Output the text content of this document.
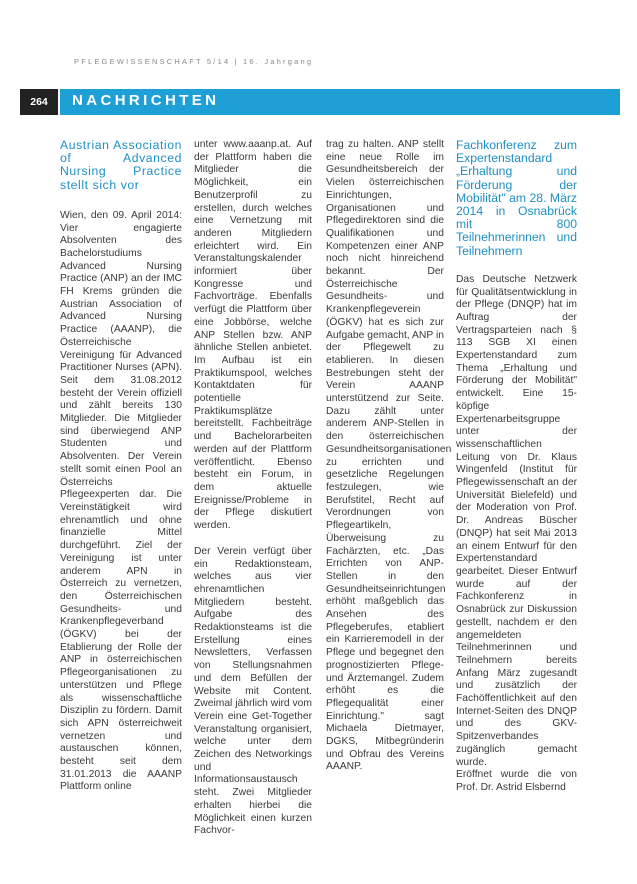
PFLEGEWISSENSCHAFT 5/14 | 16. Jahrgang
264	NACHRICHTEN

Austrian Association of Advanced Nursing Practice stellt sich vor

Wien, den 09. April 2014: Vier engagierte Absolventen des Bachelorstudiums Advanced Nursing Practice (ANP) an der IMC FH Krems gründen die Austrian Association of Advanced Nursing Practice (AAANP), die Österreichische Vereinigung für Advanced Practitioner Nurses (APN). Seit dem 31.08.2012 besteht der Verein offiziell und zählt bereits 130 Mitglieder. Die Mitglieder sind überwiegend ANP Studenten und Absolventen. Der Verein stellt somit einen Pool an Österreichs Pflegeexperten dar. Die Vereinstätigkeit wird ehrenamtlich und ohne finanzielle Mittel durchgeführt. Ziel der Vereinigung ist unter anderem APN in Österreich zu vernetzen, den Österreichischen Gesundheits- und Krankenpflegeverband (ÖGKV) bei der Etablierung der Rolle der ANP in österreichischen Pflegeorganisationen zu unterstützen und Pflege als wissenschaftliche Disziplin zu fördern. Damit sich APN österreichweit vernetzen und austauschen können, besteht seit dem 31.01.2013 die AAANP Plattform online

unter www.aaanp.at. Auf der Plattform haben die Mitglieder die Möglichkeit, ein Benutzerprofil zu erstellen, durch welches eine Vernetzung mit anderen Mitgliedern erleichtert wird. Ein Veranstaltungskalender informiert über Kongresse und Fachvorträge. Ebenfalls verfügt die Plattform über eine Jobbörse, welche ANP Stellen bzw. ANP ähnliche Stellen anbietet. Im Aufbau ist ein Praktikumspool, welches Kontaktdaten für potentielle Praktikumsplätze bereitstellt. Fachbeiträge und Bachelorarbeiten werden auf der Plattform veröffentlicht. Ebenso besteht ein Forum, in dem aktuelle Ereignisse/Probleme in der Pflege diskutiert werden.

Der Verein verfügt über ein Redaktionsteam, welches aus vier ehrenamtlichen Mitgliedern besteht. Aufgabe des Redaktionsteams ist die Erstellung eines Newsletters, Verfassen von Stellungsnahmen und dem Befüllen der Website mit Content. Zweimal jährlich wird vom Verein eine Get-Together Veranstaltung organisiert, welche unter dem Zeichen des Networkings und Informationsaustausch steht. Zwei Mitglieder erhalten hierbei die Möglichkeit einen kurzen Fachvor-

trag zu halten. ANP stellt eine neue Rolle im Gesundheitsbereich der Vielen österreichischen Einrichtungen, Organisationen und Pflegedirektoren sind die Qualifikationen und Kompetenzen einer ANP noch nicht hinreichend bekannt. Der Österreichische Gesundheits- und Krankenpflegeverein (ÖGKV) hat es sich zur Aufgabe gemacht, ANP in der Pflegewelt zu etablieren. In diesen Bestrebungen steht der Verein AAANP unterstützend zur Seite. Dazu zählt unter anderem ANP-Stellen in den österreichischen Gesundheitsorganisationen zu errichten und gesetzliche Regelungen festzulegen, wie Berufstitel, Recht auf Verordnungen von Pflegeartikeln, Überweisung zu Fachärzten, etc. „Das Errichten von ANP-Stellen in den Gesundheitseinrichtungen erhöht maßgeblich das Ansehen des Pflegeberufes, etabliert ein Karrieremodell in der Pflege und begegnet den prognostizierten Pflege- und Ärztemangel. Zudem erhöht es die Pflegequalität einer Einrichtung." sagt Michaela Dietmayer, DGKS, Mitbegründerin und Obfrau des Vereins AAANP.

Fachkonferenz zum Expertenstandard „Erhaltung und Förderung der Mobilität" am 28. März 2014 in Osnabrück mit 800 Teilnehmerinnen und Teilnehmern

Das Deutsche Netzwerk für Qualitätsentwicklung in der Pflege (DNQP) hat im Auftrag der Vertragsparteien nach § 113 SGB XI einen Expertenstandard zum Thema „Erhaltung und Förderung der Mobilität" entwickelt. Eine 15-köpfige Expertenarbeitsgruppe unter der wissenschaftlichen Leitung von Dr. Klaus Wingenfeld (Institut für Pflegewissenschaft an der Universität Bielefeld) und der Moderation von Prof. Dr. Andreas Büscher (DNQP) hat seit Mai 2013 an einem Entwurf für den Expertenstandard gearbeitet. Dieser Entwurf wurde auf der Fachkonferenz in Osnabrück zur Diskussion gestellt, nachdem er den angemeldeten Teilnehmerinnen und Teilnehmern bereits Anfang März zugesandt und zusätzlich der Fachöffentlichkeit auf den Internet-Seiten des DNQP und des GKV-Spitzenverbandes zugänglich gemacht wurde.

Eröffnet wurde die von Prof. Dr. Astrid Elsbernd
